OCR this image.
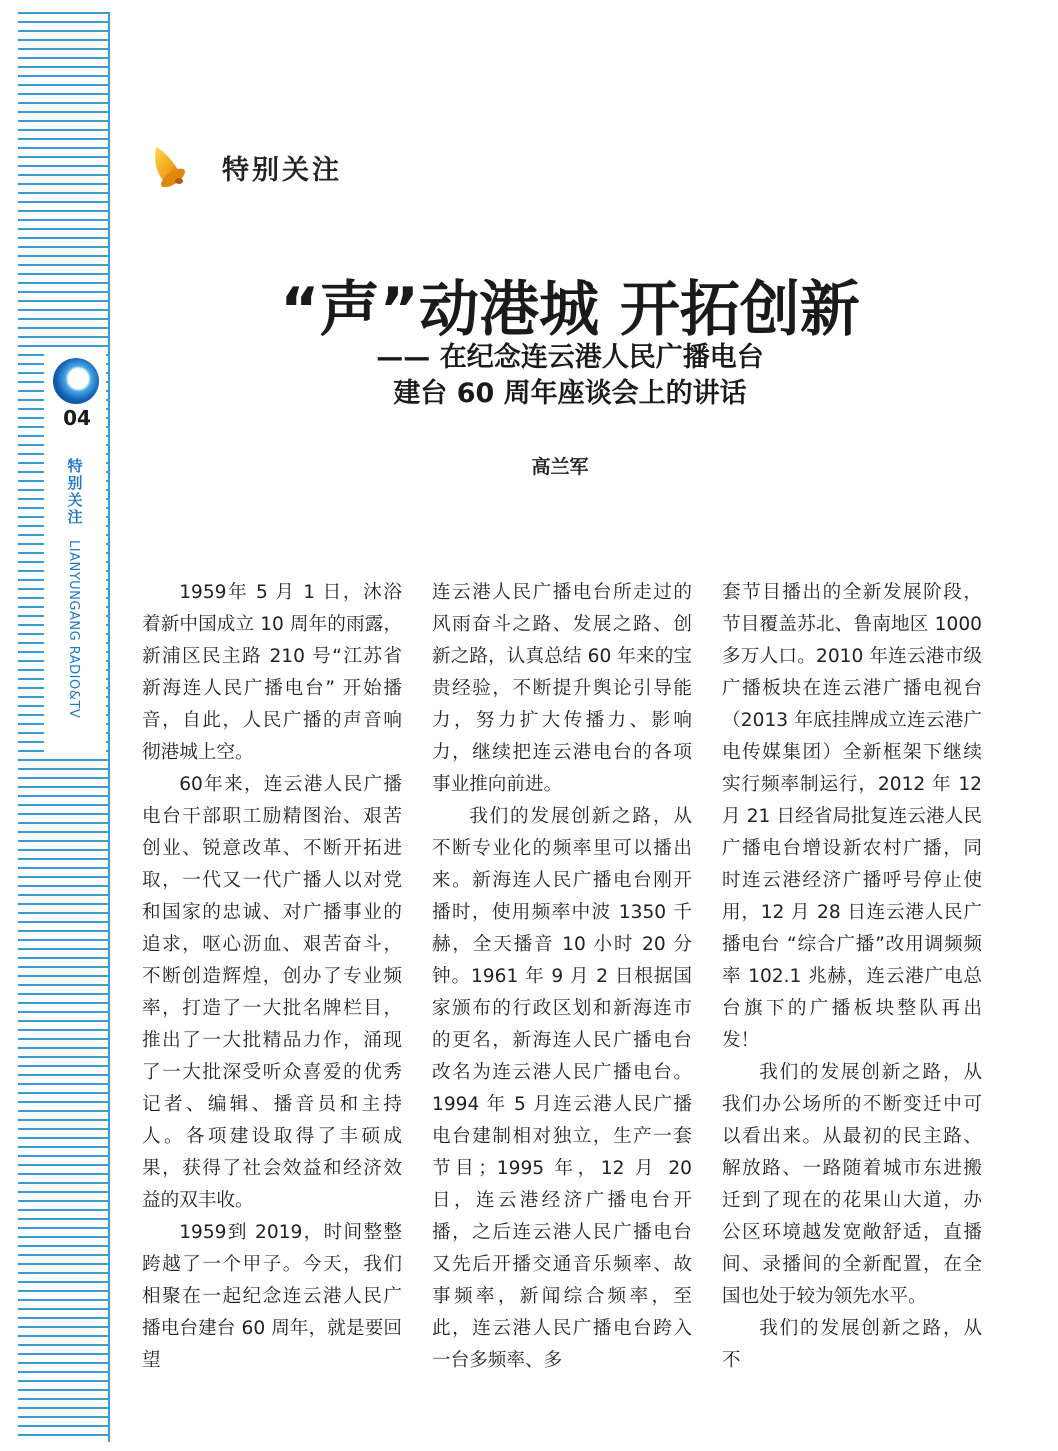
04
特别关注
LIANYUNGANG RADIO&TV
特别关注
“声”动港城 开拓创新
—— 在纪念连云港人民广播电台
建台 60 周年座谈会上的讲话
高兰军

1959年 5 月 1 日，沐浴着新中国成立 10 周年的雨露，新浦区民主路 210 号“江苏省新海连人民广播电台” 开始播音，自此，人民广播的声音响彻港城上空。

60年来，连云港人民广播电台干部职工励精图治、艰苦创业、锐意改革、不断开拓进取，一代又一代广播人以对党和国家的忠诚、对广播事业的追求，呕心沥血、艰苦奋斗，不断创造辉煌，创办了专业频率，打造了一大批名牌栏目，推出了一大批精品力作，涌现了一大批深受听众喜爱的优秀记者、编辑、播音员和主持人。各项建设取得了丰硕成果，获得了社会效益和经济效益的双丰收。

1959到 2019，时间整整跨越了一个甲子。今天，我们相聚在一起纪念连云港人民广播电台建台 60 周年，就是要回望

连云港人民广播电台所走过的风雨奋斗之路、发展之路、创新之路，认真总结 60 年来的宝贵经验，不断提升舆论引导能力，努力扩大传播力、影响力，继续把连云港电台的各项事业推向前进。

我们的发展创新之路，从不断专业化的频率里可以播出来。新海连人民广播电台刚开播时，使用频率中波 1350 千赫，全天播音 10 小时 20 分钟。1961 年 9 月 2 日根据国家颁布的行政区划和新海连市的更名，新海连人民广播电台改名为连云港人民广播电台。1994 年 5 月连云港人民广播电台建制相对独立，生产一套节目；1995 年，12 月 20 日，连云港经济广播电台开播，之后连云港人民广播电台又先后开播交通音乐频率、故事频率，新闻综合频率，至此，连云港人民广播电台跨入一台多频率、多

套节目播出的全新发展阶段，节目覆盖苏北、鲁南地区 1000 多万人口。2010 年连云港市级广播板块在连云港广播电视台（2013 年底挂牌成立连云港广电传媒集团）全新框架下继续实行频率制运行，2012 年 12 月 21 日经省局批复连云港人民广播电台增设新农村广播，同时连云港经济广播呼号停止使用，12 月 28 日连云港人民广播电台 “综合广播”改用调频频率 102.1 兆赫，连云港广电总台旗下的广播板块整队再出发！

我们的发展创新之路，从我们办公场所的不断变迁中可以看出来。从最初的民主路、解放路、一路随着城市东进搬迁到了现在的花果山大道，办公区环境越发宽敞舒适，直播间、录播间的全新配置，在全国也处于较为领先水平。

我们的发展创新之路，从不
